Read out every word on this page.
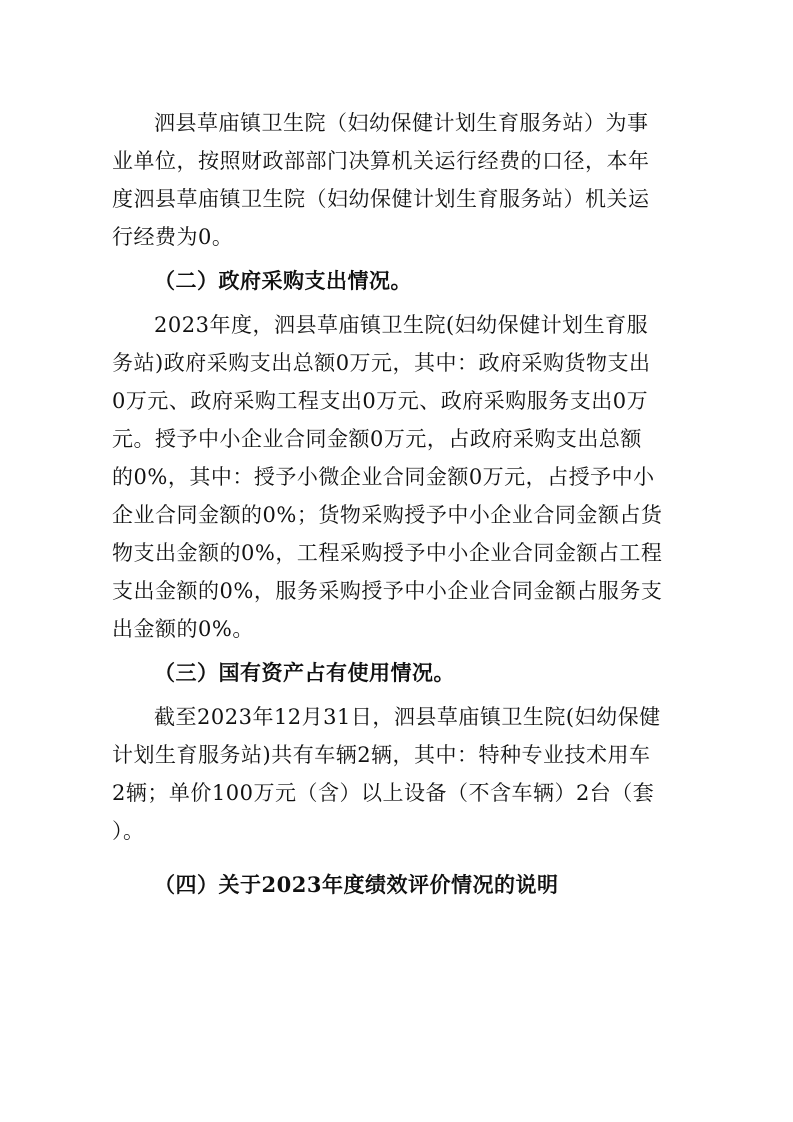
泗县草庙镇卫生院（妇幼保健计划生育服务站）为事
业单位，按照财政部部门决算机关运行经费的口径，本年
度泗县草庙镇卫生院（妇幼保健计划生育服务站）机关运
行经费为0。

（二）政府采购支出情况。

2023年度，泗县草庙镇卫生院(妇幼保健计划生育服
务站)政府采购支出总额0万元，其中：政府采购货物支出
0万元、政府采购工程支出0万元、政府采购服务支出0万
元。授予中小企业合同金额0万元，占政府采购支出总额
的0%，其中：授予小微企业合同金额0万元，占授予中小
企业合同金额的0%；货物采购授予中小企业合同金额占货
物支出金额的0%，工程采购授予中小企业合同金额占工程
支出金额的0%，服务采购授予中小企业合同金额占服务支
出金额的0%。

（三）国有资产占有使用情况。

截至2023年12月31日，泗县草庙镇卫生院(妇幼保健
计划生育服务站)共有车辆2辆，其中：特种专业技术用车
2辆；单价100万元（含）以上设备（不含车辆）2台（套
）。

（四）关于2023年度绩效评价情况的说明
